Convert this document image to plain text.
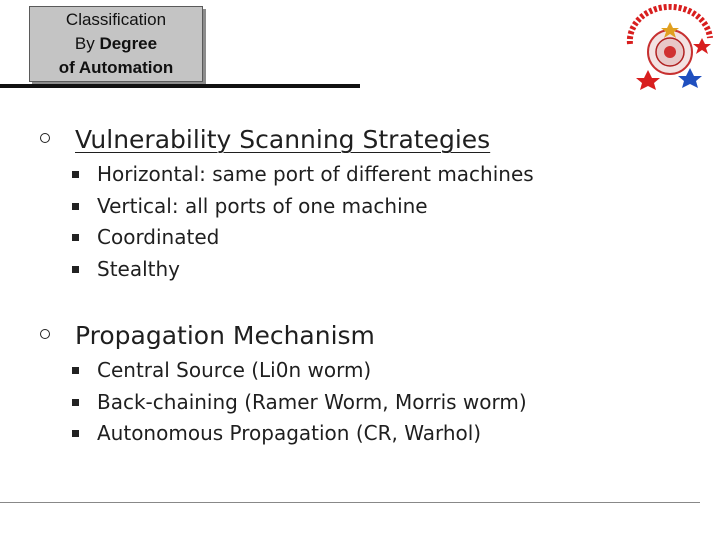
Classification
By Degree
of Automation
Vulnerability Scanning Strategies
Horizontal: same port of different machines
Vertical: all ports of one machine
Coordinated
Stealthy
Propagation Mechanism
Central Source (Li0n worm)
Back-chaining (Ramer Worm, Morris worm)
Autonomous Propagation (CR, Warhol)
